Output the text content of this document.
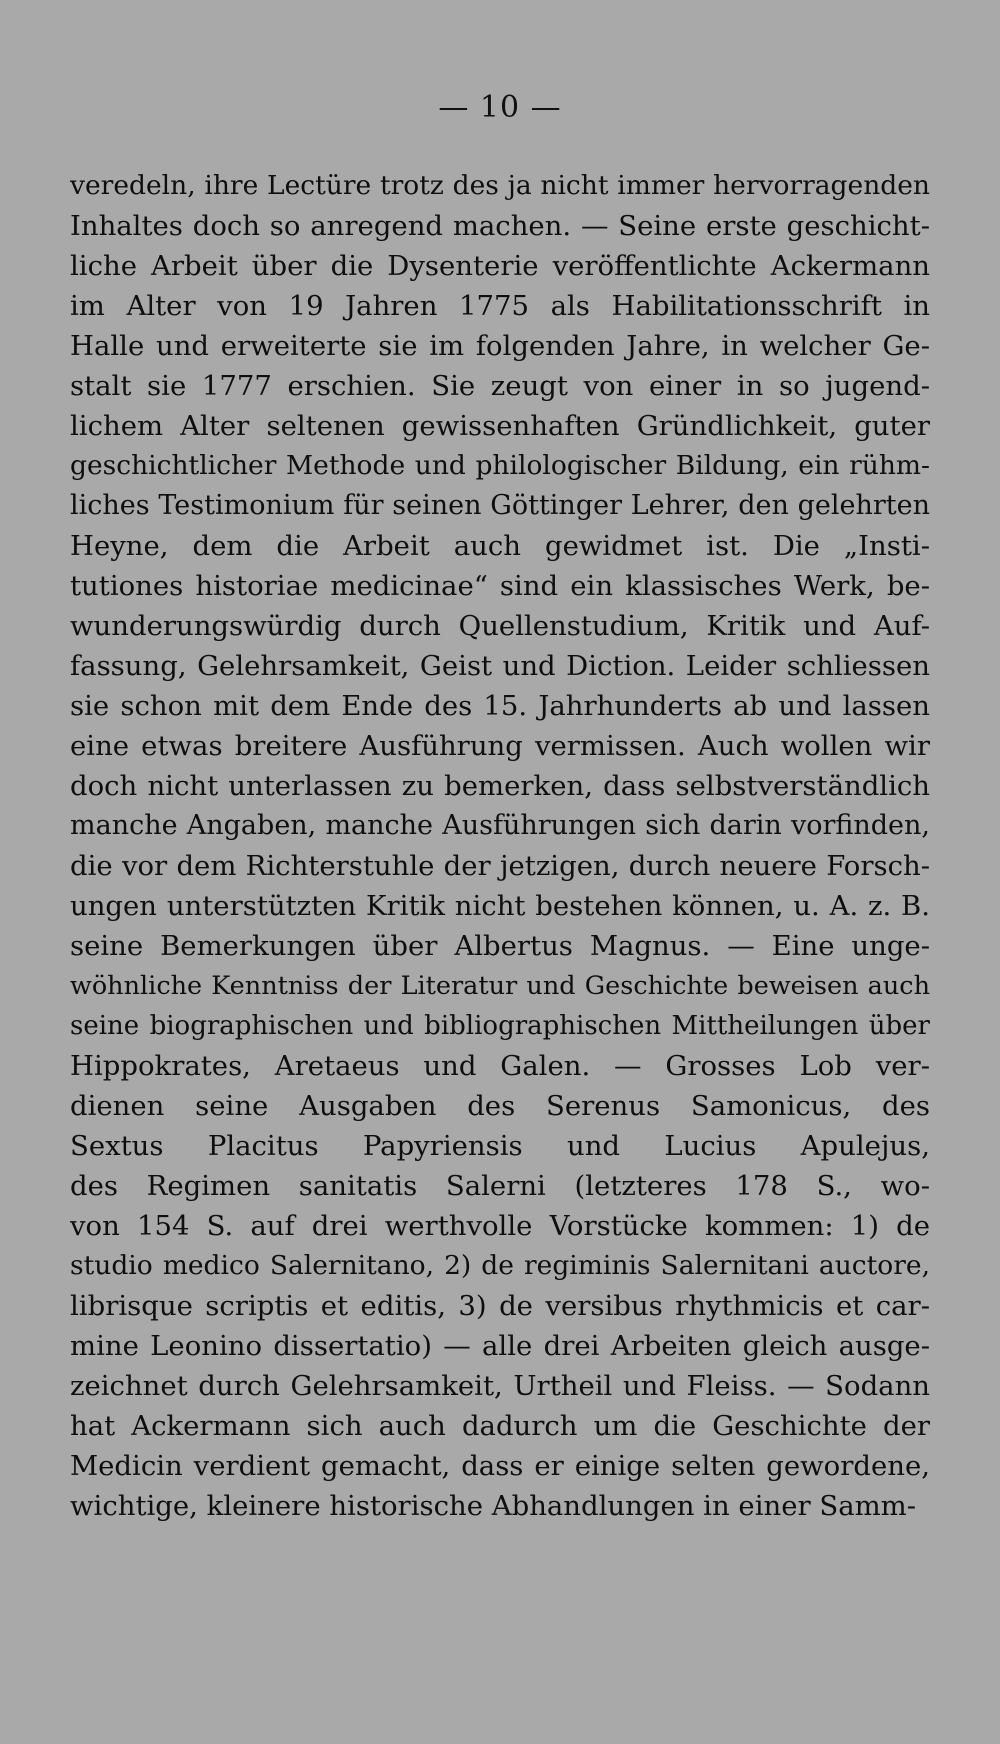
— 10 —
veredeln, ihre Lectüre trotz des ja nicht immer hervorragenden
Inhaltes doch so anregend machen. — Seine erste geschicht-
liche Arbeit über die Dysenterie veröffentlichte Ackermann
im Alter von 19 Jahren 1775 als Habilitationsschrift in
Halle und erweiterte sie im folgenden Jahre, in welcher Ge-
stalt sie 1777 erschien. Sie zeugt von einer in so jugend-
lichem Alter seltenen gewissenhaften Gründlichkeit, guter
geschichtlicher Methode und philologischer Bildung, ein rühm-
liches Testimonium für seinen Göttinger Lehrer, den gelehrten
Heyne, dem die Arbeit auch gewidmet ist. Die „Insti-
tutiones historiae medicinae“ sind ein klassisches Werk, be-
wunderungswürdig durch Quellenstudium, Kritik und Auf-
fassung, Gelehrsamkeit, Geist und Diction. Leider schliessen
sie schon mit dem Ende des 15. Jahrhunderts ab und lassen
eine etwas breitere Ausführung vermissen. Auch wollen wir
doch nicht unterlassen zu bemerken, dass selbstverständlich
manche Angaben, manche Ausführungen sich darin vorfinden,
die vor dem Richterstuhle der jetzigen, durch neuere Forsch-
ungen unterstützten Kritik nicht bestehen können, u. A. z. B.
seine Bemerkungen über Albertus Magnus. — Eine unge-
wöhnliche Kenntniss der Literatur und Geschichte beweisen auch
seine biographischen und bibliographischen Mittheilungen über
Hippokrates, Aretaeus und Galen. — Grosses Lob ver-
dienen seine Ausgaben des Serenus Samonicus, des
Sextus Placitus Papyriensis und Lucius Apulejus,
des Regimen sanitatis Salerni (letzteres 178 S., wo-
von 154 S. auf drei werthvolle Vorstücke kommen: 1) de
studio medico Salernitano, 2) de regiminis Salernitani auctore,
librisque scriptis et editis, 3) de versibus rhythmicis et car-
mine Leonino dissertatio) — alle drei Arbeiten gleich ausge-
zeichnet durch Gelehrsamkeit, Urtheil und Fleiss. — Sodann
hat Ackermann sich auch dadurch um die Geschichte der
Medicin verdient gemacht, dass er einige selten gewordene,
wichtige, kleinere historische Abhandlungen in einer Samm-
